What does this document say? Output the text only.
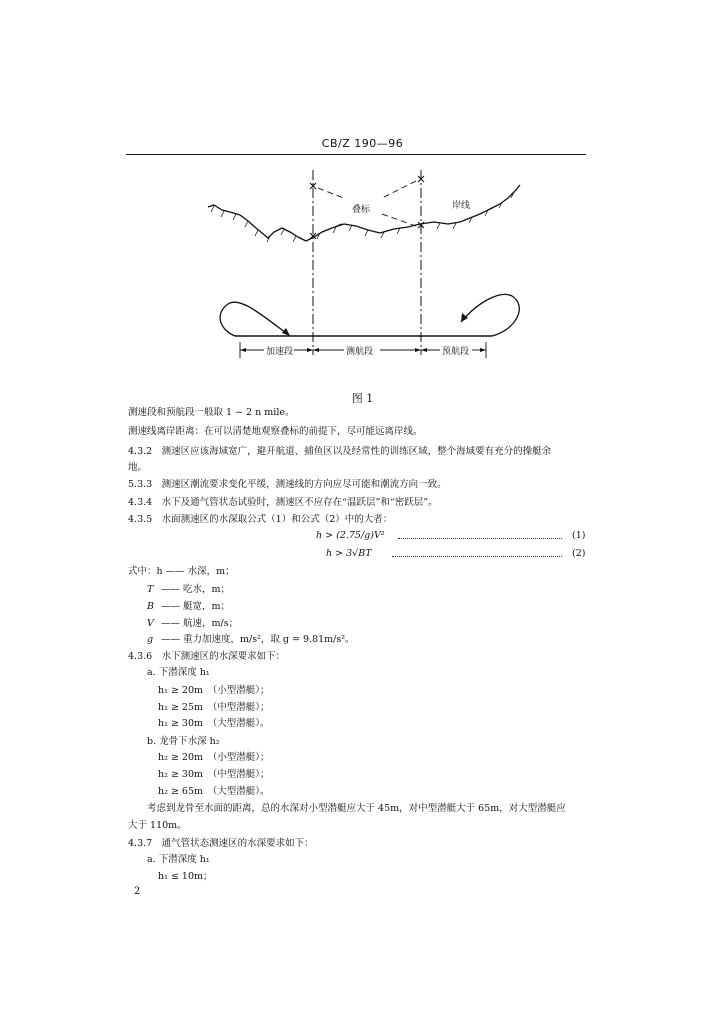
CB/Z 190—96
叠标	岸线
加速段	测航段	预航段
图 1
测速段和预航段一般取 1 ~ 2 n mile。
测速线离岸距离：在可以清楚地观察叠标的前提下，尽可能远离岸线。
4.3.2　测速区应该海域宽广，避开航道、捕鱼区以及经常性的训练区域，整个海域要有充分的操艇余
地。
5.3.3　测速区潮流要求变化平缓，测速线的方向应尽可能和潮流方向一致。
4.3.4　水下及通气管状态试验时，测速区不应存在“温跃层”和“密跃层”。
4.3.5　水面测速区的水深取公式（1）和公式（2）中的大者：
h > (2.75/g)V²	(1)
h > 3√BT	(2)
式中：h —— 水深，m；
T —— 吃水，m；
B —— 艇宽，m；
V —— 航速，m/s；
g —— 重力加速度，m/s²，取 g = 9.81m/s²。
4.3.6　水下测速区的水深要求如下：
a. 下潜深度 h₁
h₁ ≥ 20m　（小型潜艇）；
h₁ ≥ 25m　（中型潜艇）；
h₁ ≥ 30m　（大型潜艇）。
b. 龙骨下水深 h₂
h₂ ≥ 20m　（小型潜艇）；
h₂ ≥ 30m　（中型潜艇）；
h₂ ≥ 65m　（大型潜艇）。
考虑到龙骨至水面的距离，总的水深对小型潜艇应大于 45m，对中型潜艇大于 65m，对大型潜艇应
大于 110m。
4.3.7　通气管状态测速区的水深要求如下：
a. 下潜深度 h₁
h₁ ≤ 10m；
2
